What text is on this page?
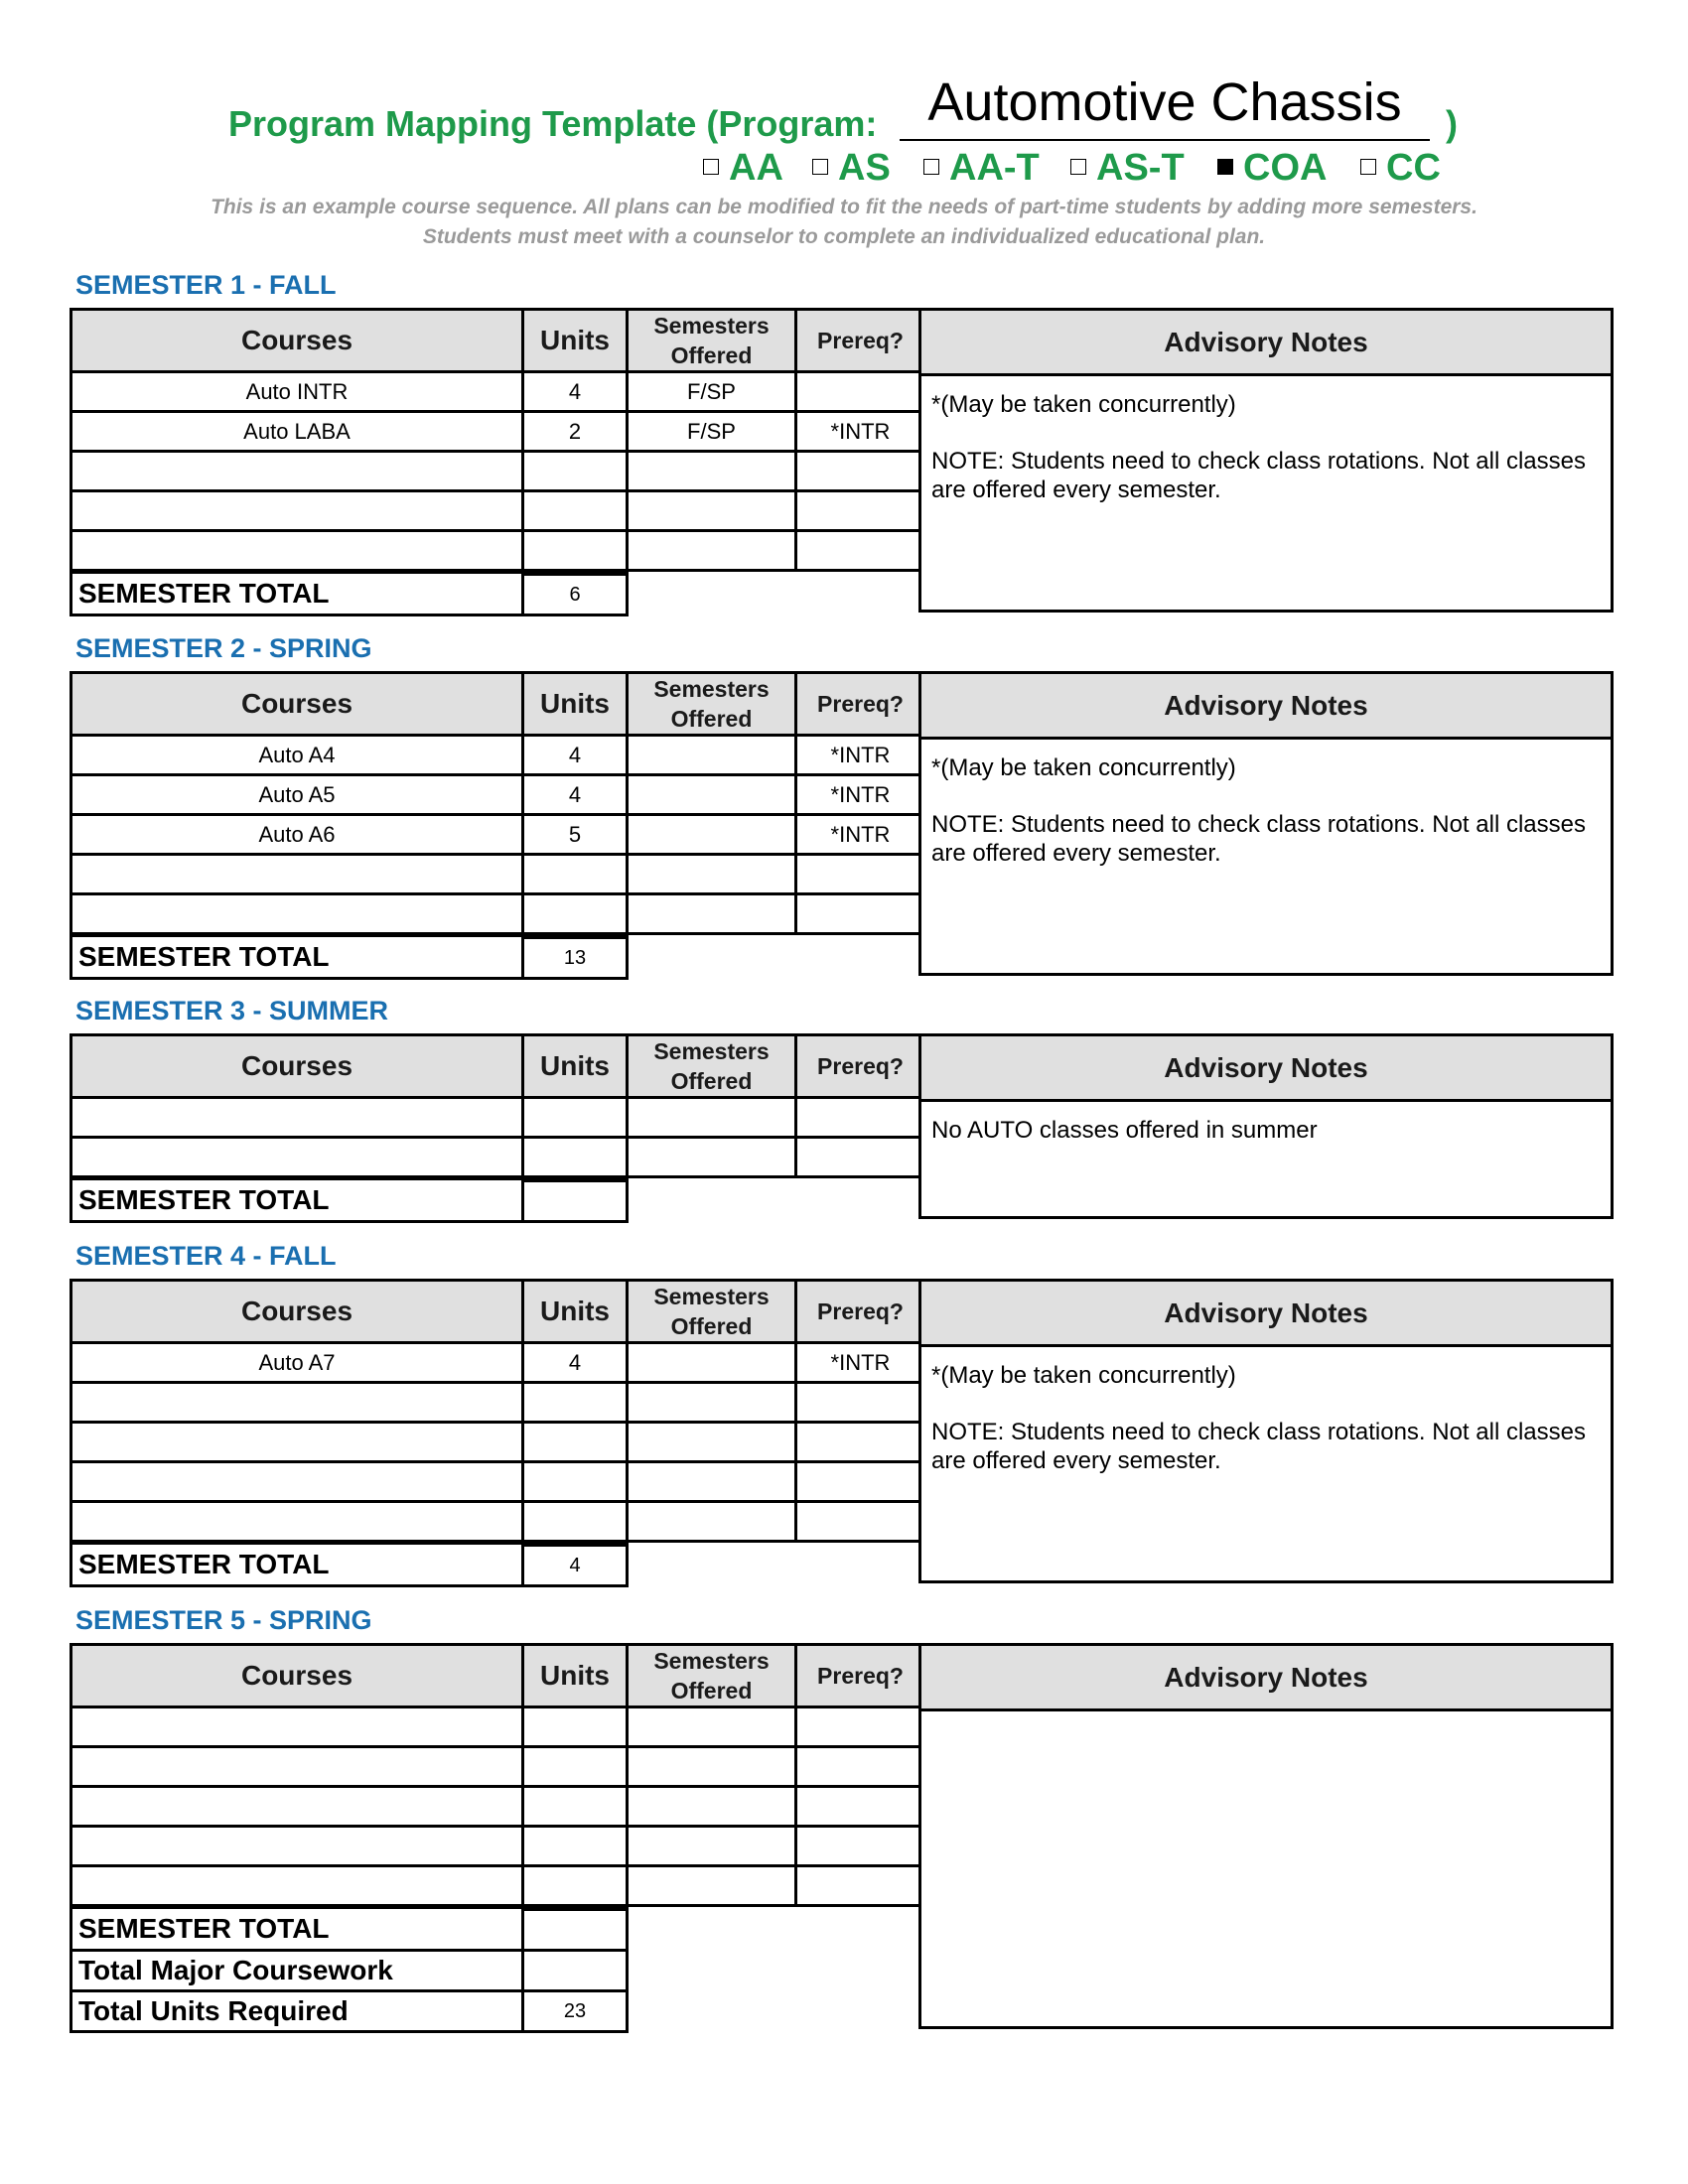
Program Mapping Template (Program: Automotive Chassis	)
AA	AS	AA-T	AS-T	COA	CC
This is an example course sequence. All plans can be modified to fit the needs of part-time students by adding more semesters.
Students must meet with a counselor to complete an individualized educational plan.
SEMESTER 1 - FALL
Courses	Units	Semesters Offered	Prereq?
Auto INTR	4	F/SP	
Auto LABA	2	F/SP	*INTR

SEMESTER TOTAL	6
Advisory Notes

*(May be taken concurrently)

NOTE: Students need to check class rotations. Not all classes are offered every semester.

SEMESTER 2 - SPRING
Courses	Units	Semesters Offered	Prereq?
Auto A4	4		*INTR
Auto A5	4		*INTR
Auto A6	5		*INTR

SEMESTER TOTAL	13
Advisory Notes

*(May be taken concurrently)

NOTE: Students need to check class rotations. Not all classes are offered every semester.

SEMESTER 3 - SUMMER
Courses	Units	Semesters Offered	Prereq?

SEMESTER TOTAL	
Advisory Notes

No AUTO classes offered in summer

SEMESTER 4 - FALL
Courses	Units	Semesters Offered	Prereq?
Auto A7	4		*INTR

SEMESTER TOTAL	4
Advisory Notes

*(May be taken concurrently)

NOTE: Students need to check class rotations. Not all classes are offered every semester.

SEMESTER 5 - SPRING
Courses	Units	Semesters Offered	Prereq?

SEMESTER TOTAL	
Total Major Coursework	
Total Units Required	23
Advisory Notes
